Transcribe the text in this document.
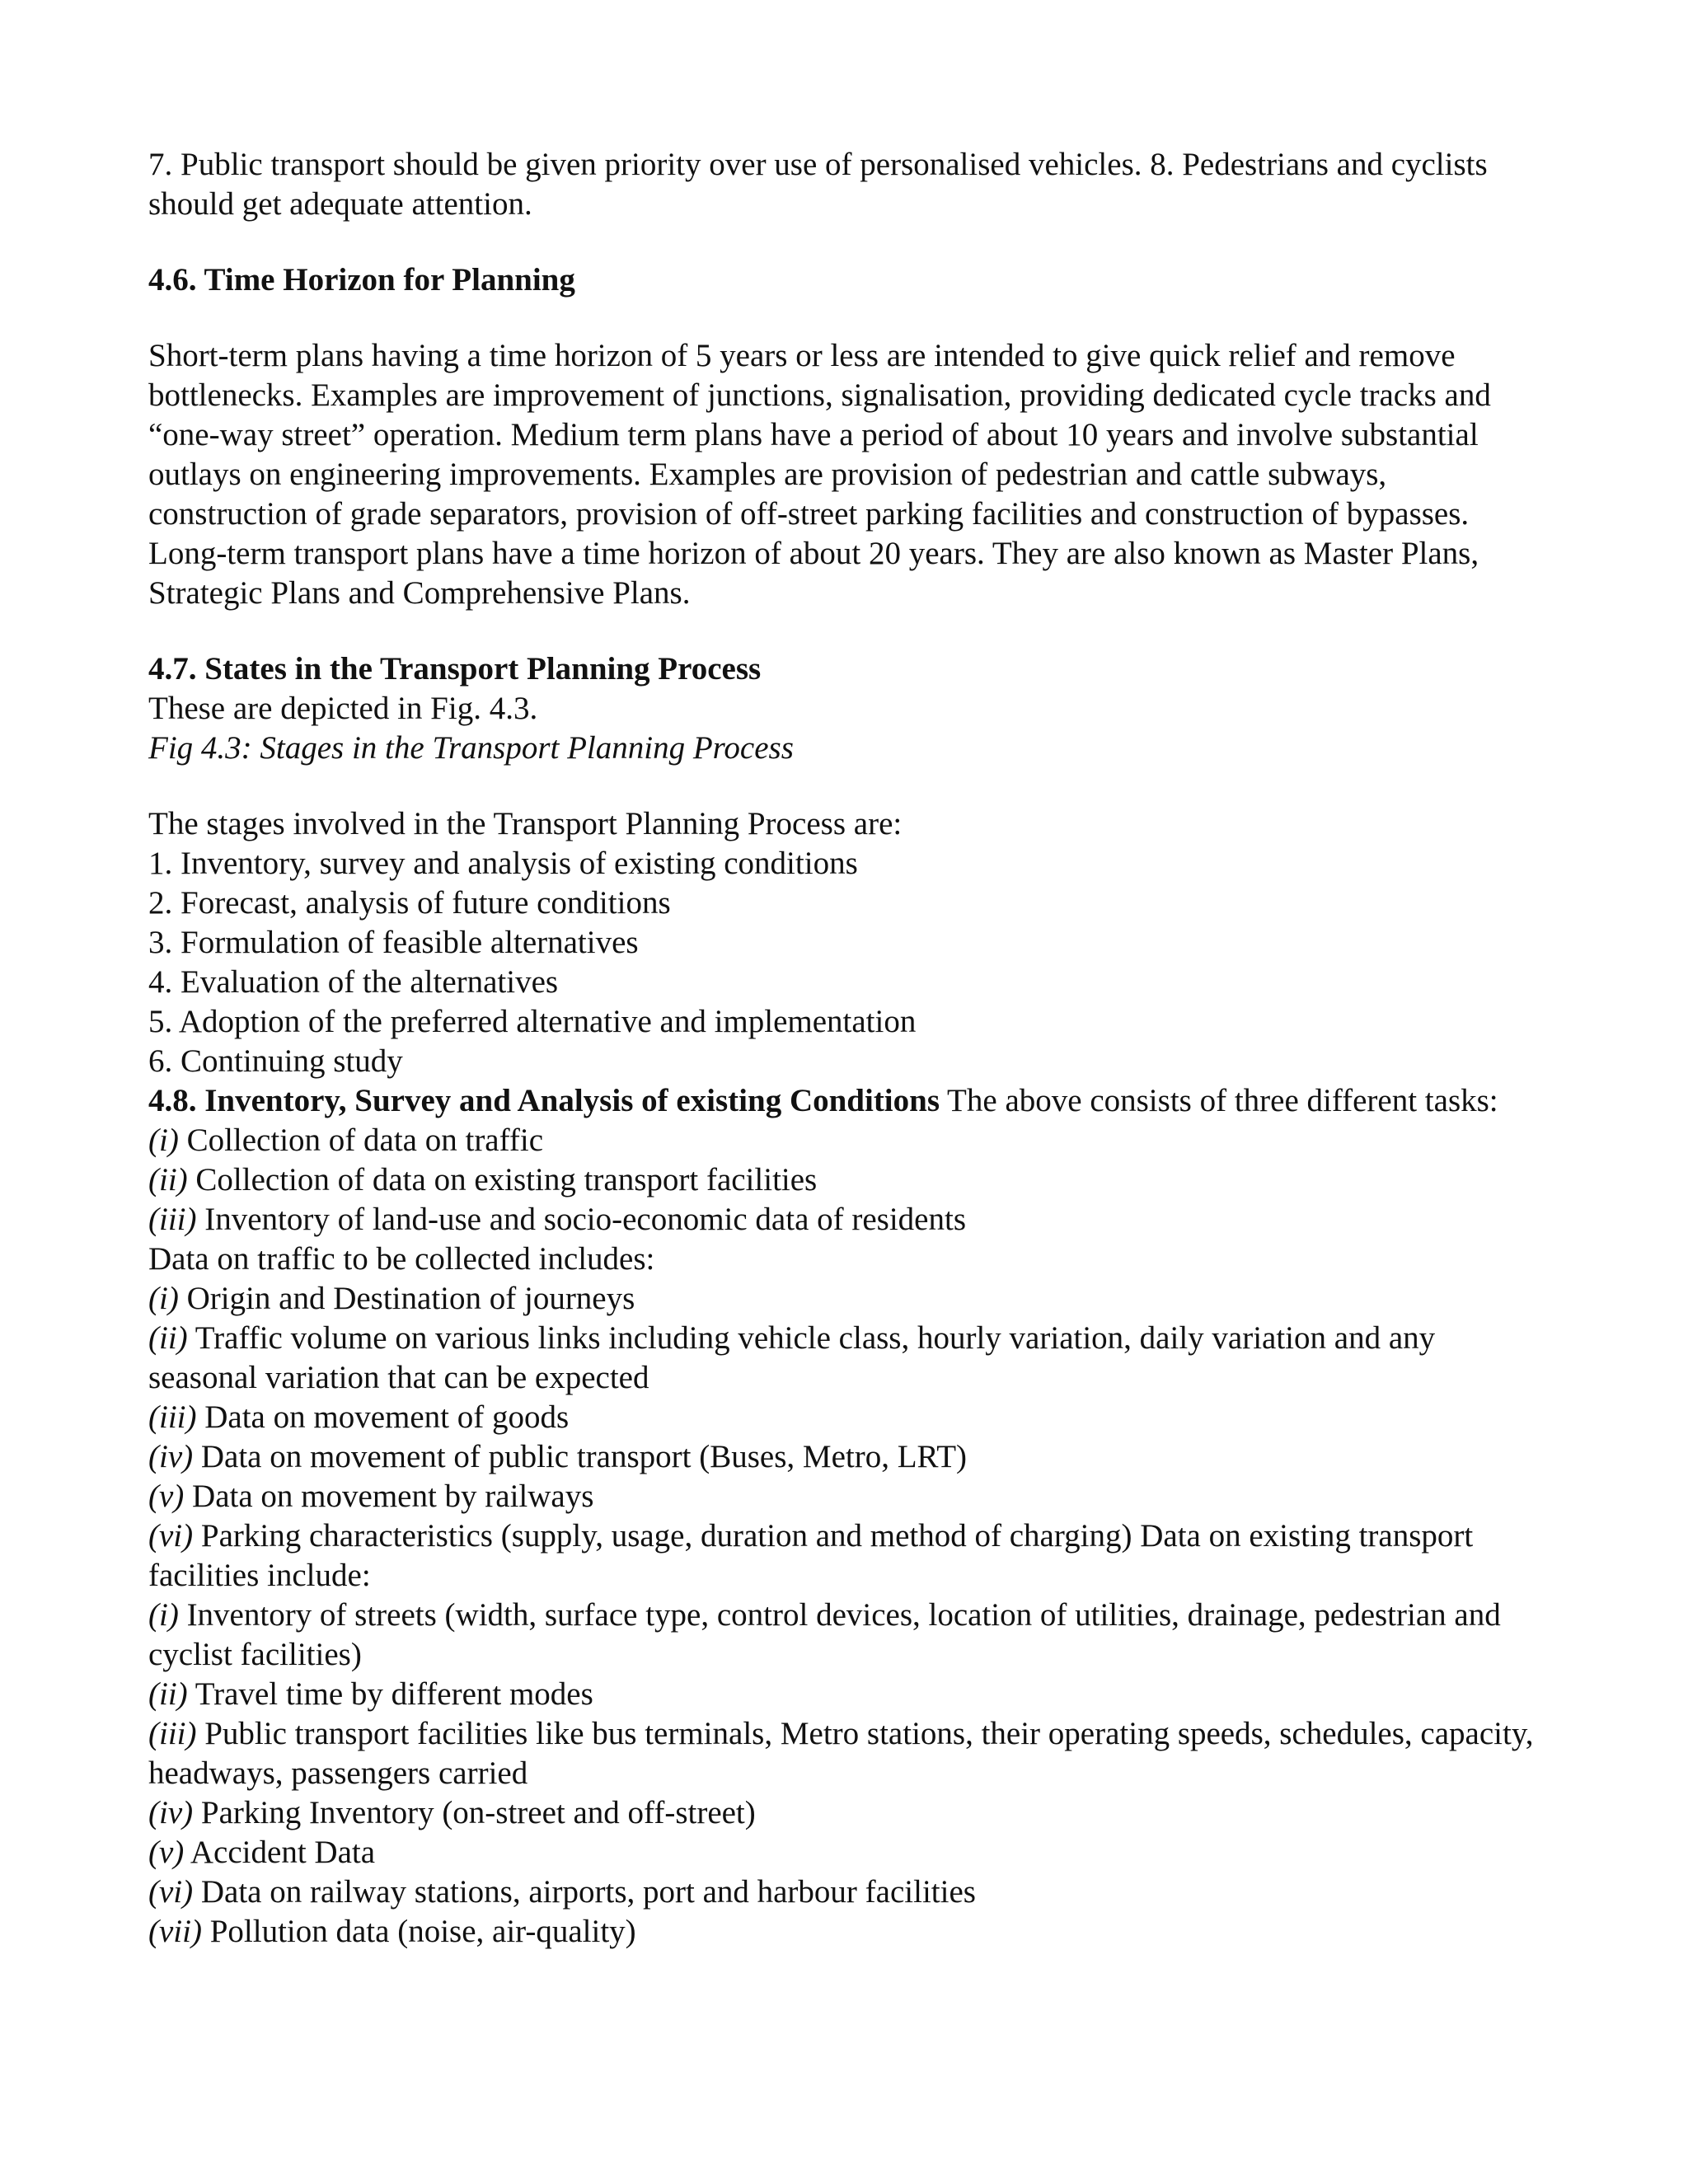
7. Public transport should be given priority over use of personalised vehicles. 8. Pedestrians and cyclists should get adequate attention.

4.6. Time Horizon for Planning

Short-term plans having a time horizon of 5 years or less are intended to give quick relief and remove bottlenecks. Examples are improvement of junctions, signalisation, providing dedicated cycle tracks and “one-way street” operation. Medium term plans have a period of about 10 years and involve substantial outlays on engineering improvements. Examples are provision of pedestrian and cattle subways, construction of grade separators, provision of off-street parking facilities and construction of bypasses. Long-term transport plans have a time horizon of about 20 years. They are also known as Master Plans, Strategic Plans and Comprehensive Plans.

4.7. States in the Transport Planning Process

These are depicted in Fig. 4.3.

Fig 4.3: Stages in the Transport Planning Process

The stages involved in the Transport Planning Process are:

1. Inventory, survey and analysis of existing conditions

2. Forecast, analysis of future conditions

3. Formulation of feasible alternatives

4. Evaluation of the alternatives

5. Adoption of the preferred alternative and implementation

6. Continuing study

4.8. Inventory, Survey and Analysis of existing Conditions The above consists of three different tasks:

(i) Collection of data on traffic

(ii) Collection of data on existing transport facilities

(iii) Inventory of land-use and socio-economic data of residents

Data on traffic to be collected includes:

(i) Origin and Destination of journeys

(ii) Traffic volume on various links including vehicle class, hourly variation, daily variation and any seasonal variation that can be expected

(iii) Data on movement of goods

(iv) Data on movement of public transport (Buses, Metro, LRT)

(v) Data on movement by railways

(vi) Parking characteristics (supply, usage, duration and method of charging) Data on existing transport facilities include:

(i) Inventory of streets (width, surface type, control devices, location of utilities, drainage, pedestrian and cyclist facilities)

(ii) Travel time by different modes

(iii) Public transport facilities like bus terminals, Metro stations, their operating speeds, schedules, capacity, headways, passengers carried

(iv) Parking Inventory (on-street and off-street)

(v) Accident Data

(vi) Data on railway stations, airports, port and harbour facilities

(vii) Pollution data (noise, air-quality)
